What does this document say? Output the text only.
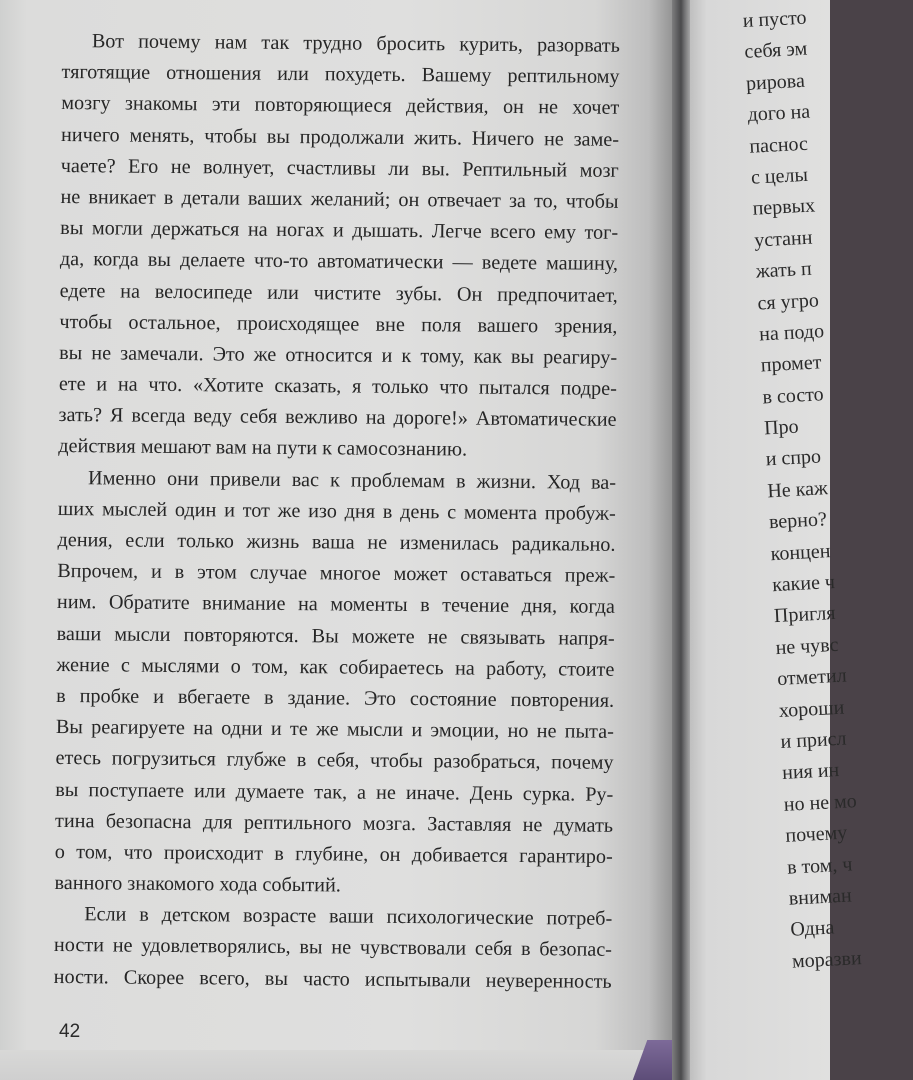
Вот почему нам так трудно бросить курить, разорвать
тяготящие отношения или похудеть. Вашему рептильному
мозгу знакомы эти повторяющиеся действия, он не хочет
ничего менять, чтобы вы продолжали жить. Ничего не заме-
чаете? Его не волнует, счастливы ли вы. Рептильный мозг
не вникает в детали ваших желаний; он отвечает за то, чтобы
вы могли держаться на ногах и дышать. Легче всего ему тог-
да, когда вы делаете что-то автоматически — ведете машину,
едете на велосипеде или чистите зубы. Он предпочитает,
чтобы остальное, происходящее вне поля вашего зрения,
вы не замечали. Это же относится и к тому, как вы реагиру-
ете и на что. «Хотите сказать, я только что пытался подре-
зать? Я всегда веду себя вежливо на дороге!» Автоматические
действия мешают вам на пути к самосознанию.
Именно они привели вас к проблемам в жизни. Ход ва-
ших мыслей один и тот же изо дня в день с момента пробуж-
дения, если только жизнь ваша не изменилась радикально.
Впрочем, и в этом случае многое может оставаться преж-
ним. Обратите внимание на моменты в течение дня, когда
ваши мысли повторяются. Вы можете не связывать напря-
жение с мыслями о том, как собираетесь на работу, стоите
в пробке и вбегаете в здание. Это состояние повторения.
Вы реагируете на одни и те же мысли и эмоции, но не пыта-
етесь погрузиться глубже в себя, чтобы разобраться, почему
вы поступаете или думаете так, а не иначе. День сурка. Ру-
тина безопасна для рептильного мозга. Заставляя не думать
о том, что происходит в глубине, он добивается гарантиро-
ванного знакомого хода событий.
Если в детском возрасте ваши психологические потреб-
ности не удовлетворялись, вы не чувствовали себя в безопас-
ности. Скорее всего, вы часто испытывали неуверенность
42
и пусто
себя эм
рирова
дого на
паснос
с целы
первых
устанн
жать п
ся угро
на подо
промет
в состо
Про
и спро
Не каж
верно?
концен
какие ч
Пригля
не чувс
отметил
хороши
и присл
ния ин
но не мо
почему
в том, ч
вниман
Одна
моразви
